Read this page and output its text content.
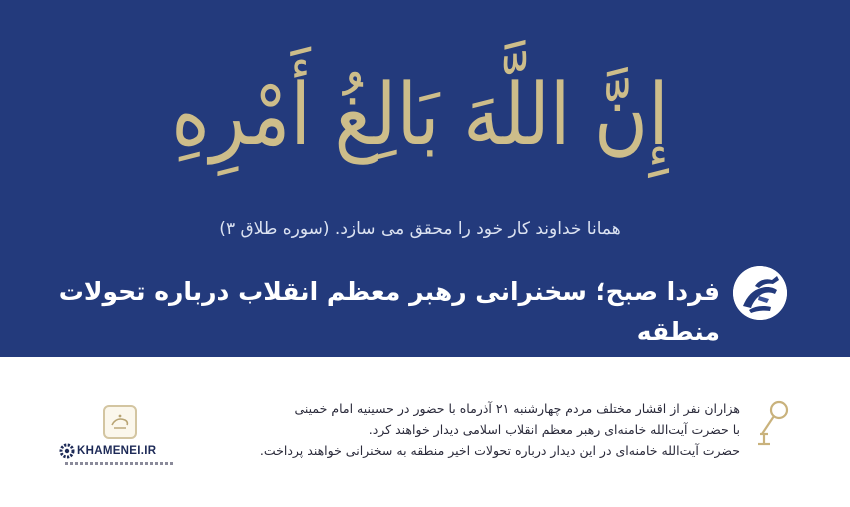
إِنَّ اللَّهَ بَالِغُ أَمْرِهِ
همانا خداوند کار خود را محقق می سازد. (سوره طلاق ۳)
فردا صبح؛ سخنرانی رهبر معظم انقلاب درباره تحولات منطقه
هزاران نفر از اقشار مختلف مردم چهارشنبه ۲۱ آذرماه با حضور در حسینیه امام خمینی
با حضرت آیت‌الله خامنه‌ای رهبر معظم انقلاب اسلامی دیدار خواهند کرد.
حضرت آیت‌الله خامنه‌ای در این دیدار درباره تحولات اخیر منطقه به سخنرانی خواهند پرداخت.
KHAMENEI.IR
